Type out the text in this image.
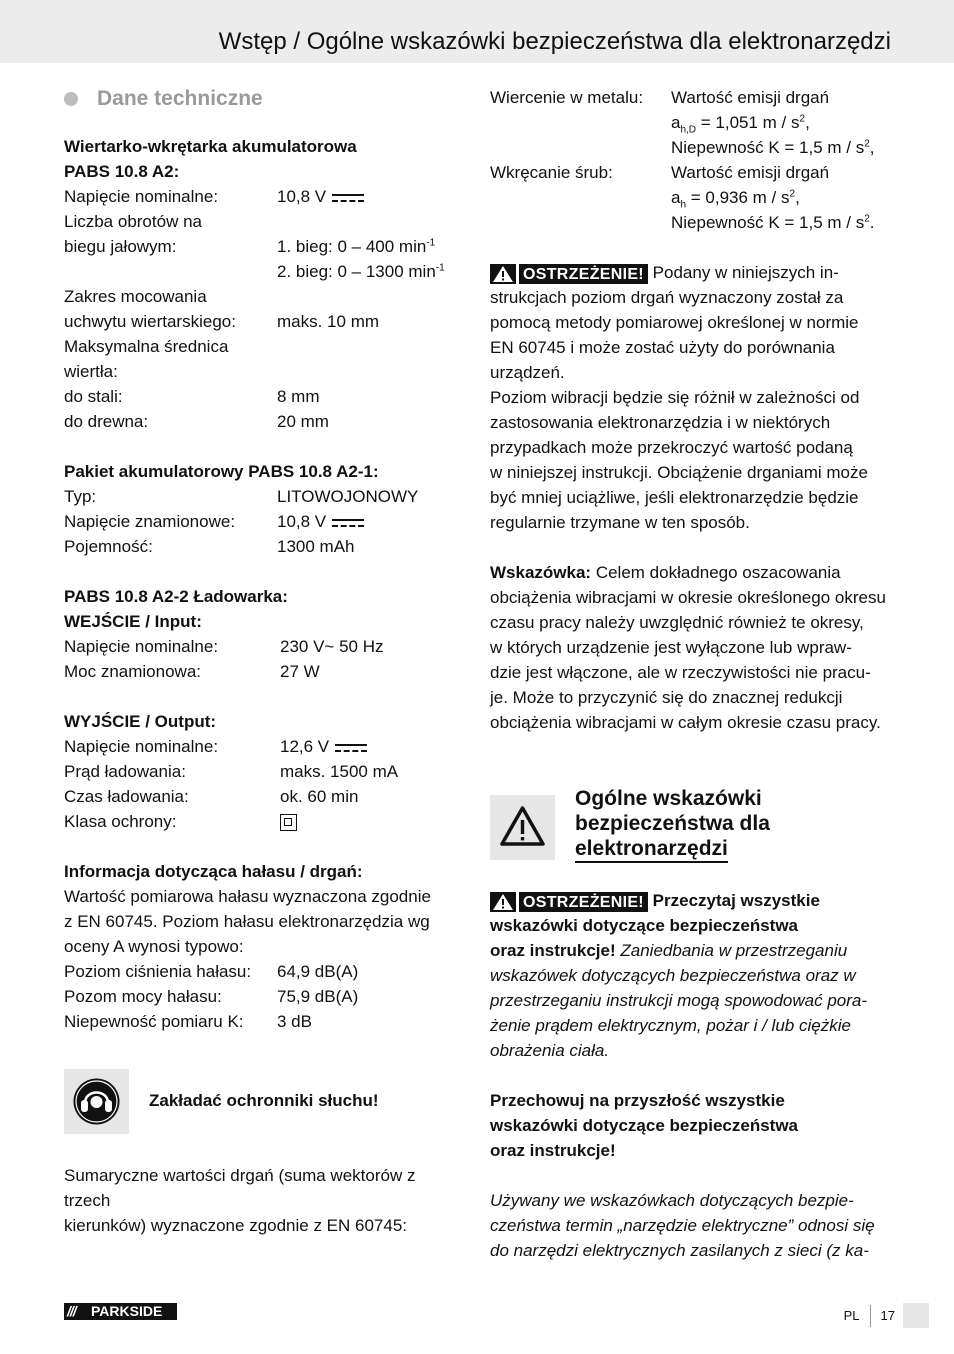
Wstęp / Ogólne wskazówki bezpieczeństwa dla elektronarzędzi
Dane techniczne

Wiertarko-wkrętarka akumulatorowa

PABS 10.8 A2:

Napięcie nominalne:	10,8 V
Liczba obrotów na
biegu jałowym:	1. bieg: 0 – 400 $\min^{-1}$

2. bieg: 0 – 1300 $\min^{-1}$
Zakres mocowania
uchwytu wiertarskiego: maks. 10 mm
Maksymalna średnica
wiertła:
do stali:	8 mm
do drewna:	20 mm

Pakiet akumulatorowy PABS 10.8 A2-1:

Typ:	LITOWOJONOWY
Napięcie znamionowe: 10,8 V
Pojemność:	1300 mAh

PABS 10.8 A2-2 Ładowarka:

WEJŚCIE / Input:

Napięcie nominalne:	230 V~ 50 Hz
Moc znamionowa:	27 W

WYJŚCIE / Output:

Napięcie nominalne:	12,6 V
Prąd ładowania:	maks. 1500 mA
Czas ładowania:	ok. 60 min
Klasa ochrony:

Informacja dotycząca hałasu / drgań:

Wartość pomiarowa hałasu wyznaczona zgodnie

z EN 60745. Poziom hałasu elektronarzędzia wg

oceny A wynosi typowo:

Poziom ciśnienia hałasu: 64,9 dB(A)
Pozom mocy hałasu:	75,9 dB(A)
Niepewność pomiaru K: 3 dB
Zakładać ochronniki słuchu!

Sumaryczne wartości drgań (suma wektorów z trzech

kierunków) wyznaczone zgodnie z EN 60745:

Wiercenie w metalu: Wartość emisji drgań

$a_{h,D} = 1,051$ m / $s^2$,

Niepewność K = 1,5 m / $s^2$,
Wkręcanie śrub:	Wartość emisji drgań

$a_h = 0,936$ m / $s^2$,

Niepewność K = 1,5 m / $s^2$.

OSTRZEŻENIE! Podany w niniejszych in-

strukcjach poziom drgań wyznaczony został za

pomocą metody pomiarowej określonej w normie

EN 60745 i może zostać użyty do porównania

urządzeń.

Poziom wibracji będzie się różnił w zależności od

zastosowania elektronarzędzia i w niektórych

przypadkach może przekroczyć wartość podaną

w niniejszej instrukcji. Obciążenie drganiami może

być mniej uciążliwe, jeśli elektronarzędzie będzie

regularnie trzymane w ten sposób.

Wskazówka: Celem dokładnego oszacowania

obciążenia wibracjami w okresie określonego okresu

czasu pracy należy uwzględnić również te okresy,

w których urządzenie jest wyłączone lub wpraw-

dzie jest włączone, ale w rzeczywistości nie pracu-

je. Może to przyczynić się do znacznej redukcji

obciążenia wibracjami w całym okresie czasu pracy.

Ogólne wskazówki
bezpieczeństwa dla
elektronarzędzi

OSTRZEŻENIE! Przeczytaj wszystkie

wskazówki dotyczące bezpieczeństwa

oraz instrukcje! Zaniedbania w przestrzeganiu

wskazówek dotyczących bezpieczeństwa oraz w

przestrzeganiu instrukcji mogą spowodować pora-

żenie prądem elektrycznym, pożar i / lub ciężkie

obrażenia ciała.

Przechowuj na przyszłość wszystkie

wskazówki dotyczące bezpieczeństwa

oraz instrukcje!

Używany we wskazówkach dotyczących bezpie-

czeństwa termin „narzędzie elektryczne” odnosi się

do narzędzi elektrycznych zasilanych z sieci (z ka-

/// PARKSIDE	PL 17
